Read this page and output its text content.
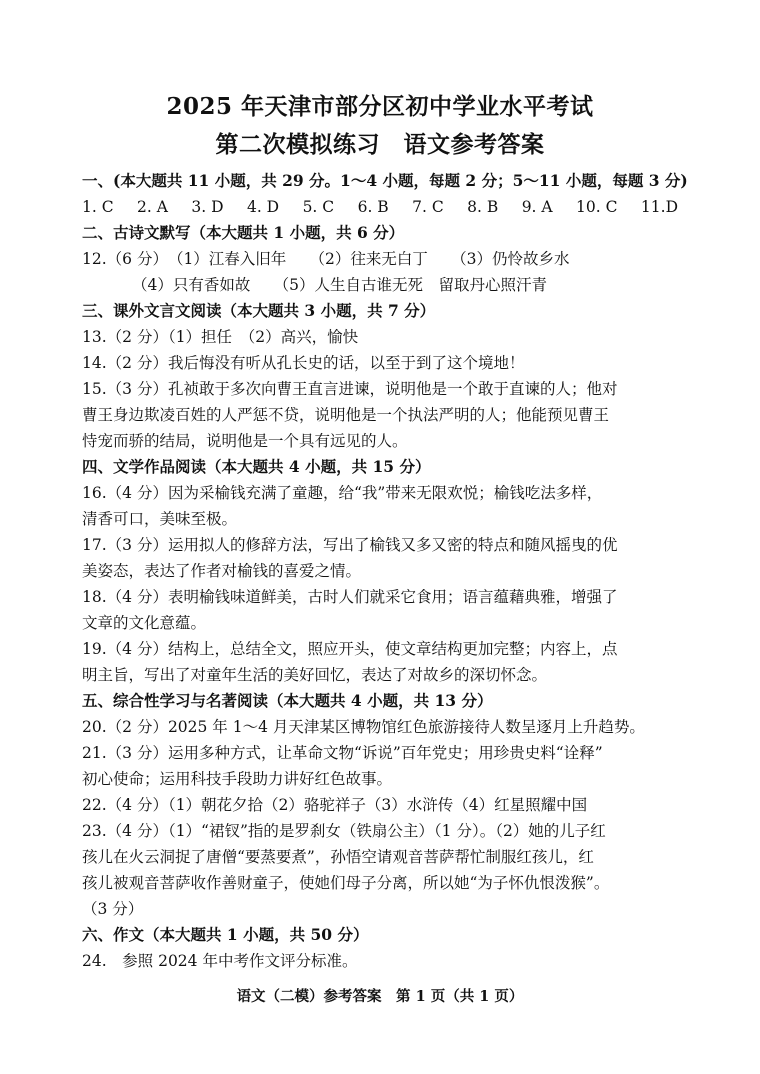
2025 年天津市部分区初中学业水平考试
第二次模拟练习　语文参考答案
一、(本大题共 11 小题，共 29 分。1～4 小题，每题 2 分；5～11 小题，每题 3 分)
1. C 2. A 3. D 4. D 5. C 6. B 7. C 8. B 9. A 10. C 11.D
二、古诗文默写（本大题共 1 小题，共 6 分）
12.（6 分）　（1）江春入旧年　　（2）往来无白丁　　（3）仍怜故乡水
（4）只有香如故　　（5）人生自古谁无死　留取丹心照汗青
三、课外文言文阅读（本大题共 3 小题，共 7 分）
13.（2 分）（1）担任　（2）高兴，愉快
14.（2 分）我后悔没有听从孔长史的话，以至于到了这个境地！
15.（3 分）孔祯敢于多次向曹王直言进谏，说明他是一个敢于直谏的人；他对
曹王身边欺凌百姓的人严惩不贷，说明他是一个执法严明的人；他能预见曹王
恃宠而骄的结局，说明他是一个具有远见的人。
四、文学作品阅读（本大题共 4 小题，共 15 分）
16.（4 分）因为采榆钱充满了童趣，给“我”带来无限欢悦；榆钱吃法多样，
清香可口，美味至极。
17.（3 分）运用拟人的修辞方法，写出了榆钱又多又密的特点和随风摇曳的优
美姿态，表达了作者对榆钱的喜爱之情。
18.（4 分）表明榆钱味道鲜美，古时人们就采它食用；语言蕴藉典雅，增强了
文章的文化意蕴。
19.（4 分）结构上，总结全文，照应开头，使文章结构更加完整；内容上，点
明主旨，写出了对童年生活的美好回忆，表达了对故乡的深切怀念。
五、综合性学习与名著阅读（本大题共 4 小题，共 13 分）
20.（2 分）2025 年 1～4 月天津某区博物馆红色旅游接待人数呈逐月上升趋势。
21.（3 分）运用多种方式，让革命文物“诉说”百年党史；用珍贵史料“诠释”
初心使命；运用科技手段助力讲好红色故事。
22.（4 分）（1）朝花夕拾（2）骆驼祥子（3）水浒传（4）红星照耀中国
23.（4 分）（1）“裙钗”指的是罗刹女（铁扇公主）（1 分）。（2）她的儿子红
孩儿在火云洞捉了唐僧“要蒸要煮”，孙悟空请观音菩萨帮忙制服红孩儿，红
孩儿被观音菩萨收作善财童子，使她们母子分离，所以她“为子怀仇恨泼猴”。
（3 分）
六、作文（本大题共 1 小题，共 50 分）
24.　参照 2024 年中考作文评分标准。
语文（二模）参考答案　第 1 页（共 1 页）
